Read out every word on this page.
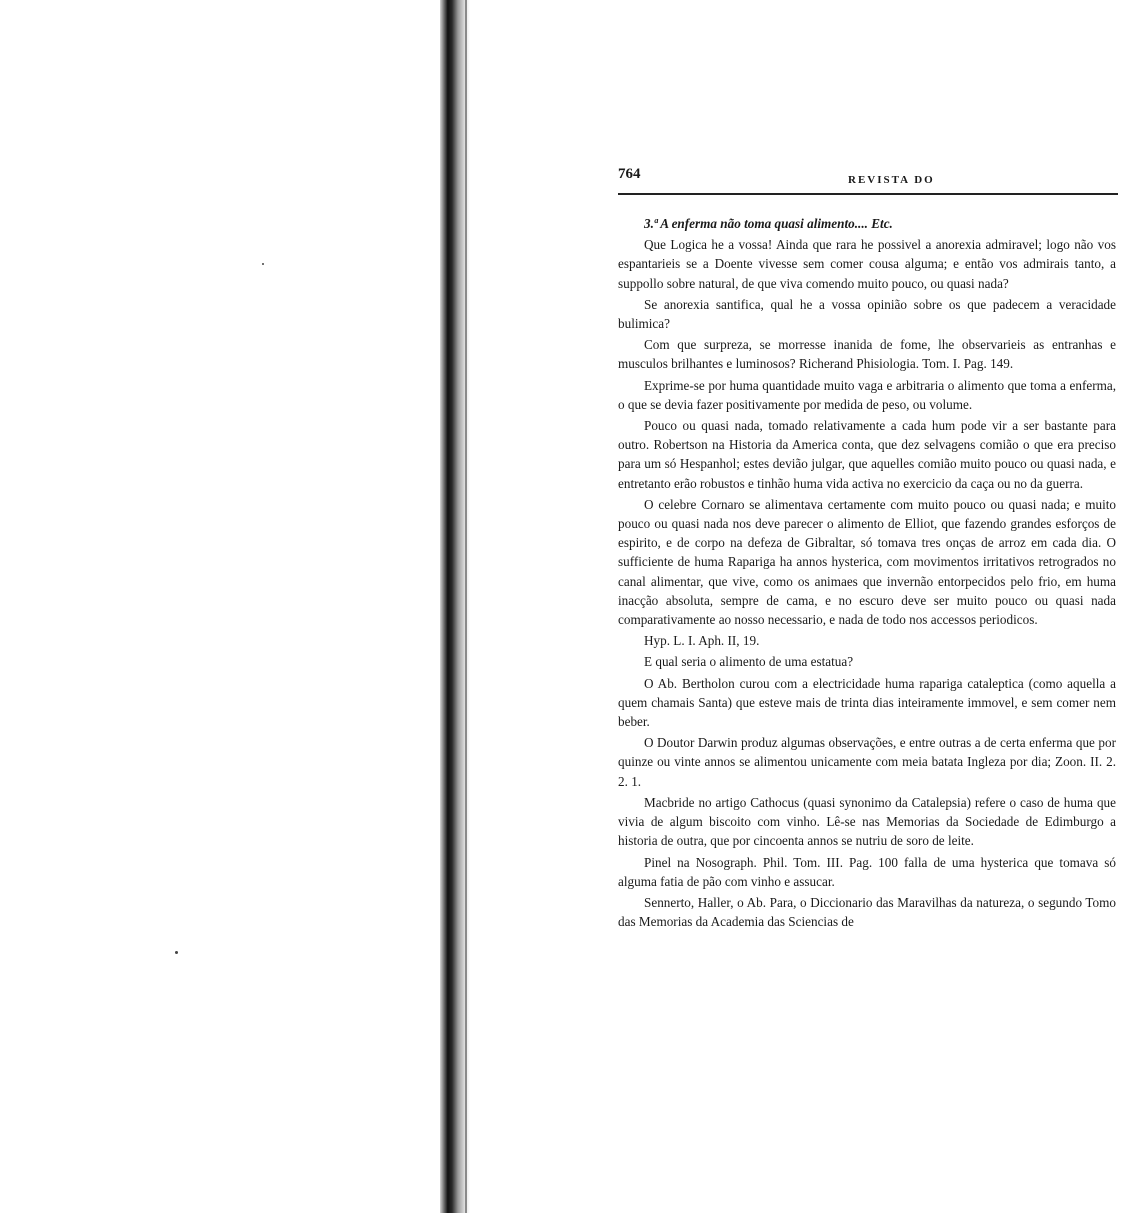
764	REVISTA DO

3.ª A enferma não toma quasi alimento.... Etc.

Que Logica he a vossa! Ainda que rara he possivel a anorexia admiravel; logo não vos espantarieis se a Doente vivesse sem comer cousa alguma; e então vos admirais tanto, a suppollo sobre natural, de que viva comendo muito pouco, ou quasi nada?

Se anorexia santifica, qual he a vossa opinião sobre os que padecem a veracidade bulimica?

Com que surpreza, se morresse inanida de fome, lhe observarieis as entranhas e musculos brilhantes e luminosos? Richerand Phisiologia. Tom. I. Pag. 149.

Exprime-se por huma quantidade muito vaga e arbitraria o alimento que toma a enferma, o que se devia fazer positivamente por medida de peso, ou volume.

Pouco ou quasi nada, tomado relativamente a cada hum pode vir a ser bastante para outro. Robertson na Historia da America conta, que dez selvagens comião o que era preciso para um só Hespanhol; estes devião julgar, que aquelles comião muito pouco ou quasi nada, e entretanto erão robustos e tinhão huma vida activa no exercicio da caça ou no da guerra.

O celebre Cornaro se alimentava certamente com muito pouco ou quasi nada; e muito pouco ou quasi nada nos deve parecer o alimento de Elliot, que fazendo grandes esforços de espirito, e de corpo na defeza de Gibraltar, só tomava tres onças de arroz em cada dia. O sufficiente de huma Rapariga ha annos hysterica, com movimentos irritativos retrogrados no canal alimentar, que vive, como os animaes que invernão entorpecidos pelo frio, em huma inacção absoluta, sempre de cama, e no escuro deve ser muito pouco ou quasi nada comparativamente ao nosso necessario, e nada de todo nos accessos periodicos.

Hyp. L. I. Aph. II, 19.

E qual seria o alimento de uma estatua?

O Ab. Bertholon curou com a electricidade huma rapariga cataleptica (como aquella a quem chamais Santa) que esteve mais de trinta dias inteiramente immovel, e sem comer nem beber.

O Doutor Darwin produz algumas observações, e entre outras a de certa enferma que por quinze ou vinte annos se alimentou unicamente com meia batata Ingleza por dia; Zoon. II. 2. 2. 1.

Macbride no artigo Cathocus (quasi synonimo da Catalepsia) refere o caso de huma que vivia de algum biscoito com vinho. Lê-se nas Memorias da Sociedade de Edimburgo a historia de outra, que por cincoenta annos se nutriu de soro de leite.

Pinel na Nosograph. Phil. Tom. III. Pag. 100 falla de uma hysterica que tomava só alguma fatia de pão com vinho e assucar.

Sennerto, Haller, o Ab. Para, o Diccionario das Maravilhas da natureza, o segundo Tomo das Memorias da Academia das Sciencias de
